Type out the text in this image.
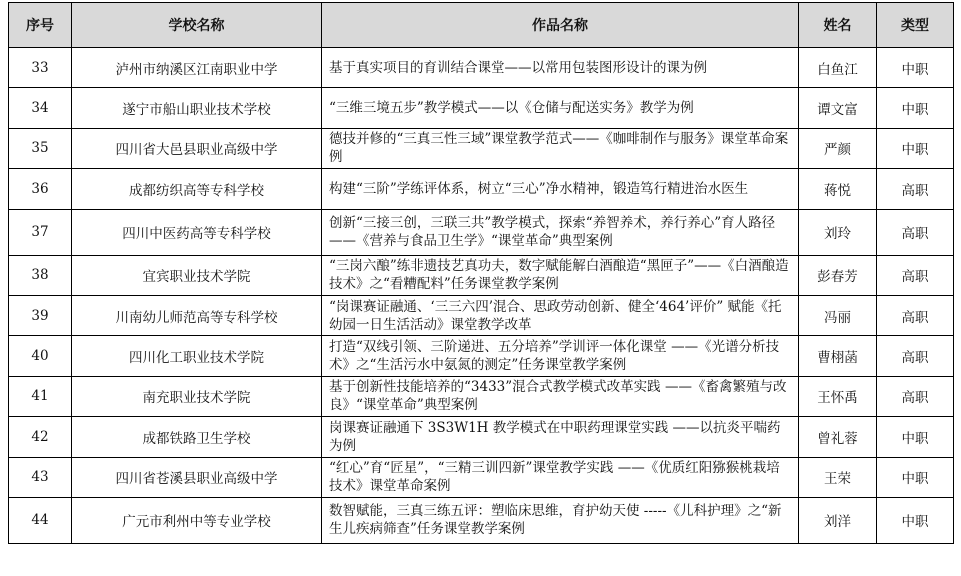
序号	学校名称	作品名称	姓名	类型
33	泸州市纳溪区江南职业中学	基于真实项目的育训结合课堂——以常用包装图形设计的课为例	白鱼江	中职
34	遂宁市船山职业技术学校	“三维三境五步”教学模式——以《仓储与配送实务》教学为例	谭文富	中职
35	四川省大邑县职业高级中学	德技并修的“三真三性三域”课堂教学范式——《咖啡制作与服务》课堂革命案例	严颜	中职
36	成都纺织高等专科学校	构建“三阶”学练评体系，树立“三心”净水精神，锻造笃行精进治水医生	蒋悦	高职
37	四川中医药高等专科学校	创新“三接三创，三联三共”教学模式，探索“养智养术，养行养心”育人路径 ——《营养与食品卫生学》“课堂革命”典型案例	刘玲	高职
38	宜宾职业技术学院	“三岗六酿”练非遗技艺真功夫，数字赋能解白酒酿造“黑匣子”——《白酒酿造技术》之“看糟配料”任务课堂教学案例	彭春芳	高职
39	川南幼儿师范高等专科学校	“岗课赛证融通、‘三三六四’混合、思政劳动创新、健全‘464’评价” 赋能《托幼园一日生活活动》课堂教学改革	冯丽	高职
40	四川化工职业技术学院	打造“双线引领、三阶递进、五分培养”学训评一体化课堂 ——《光谱分析技术》之“生活污水中氨氮的测定”任务课堂教学案例	曹栩菡	高职
41	南充职业技术学院	基于创新性技能培养的“3433”混合式教学模式改革实践 ——《畜禽繁殖与改良》“课堂革命”典型案例	王怀禹	高职
42	成都铁路卫生学校	岗课赛证融通下 3S3W1H 教学模式在中职药理课堂实践 ——以抗炎平喘药为例	曾礼蓉	中职
43	四川省苍溪县职业高级中学	“红心”育“匠星”，“三精三训四新”课堂教学实践 ——《优质红阳猕猴桃栽培技术》课堂革命案例	王荣	中职
44	广元市利州中等专业学校	数智赋能，三真三练五评：塑临床思维，育护幼天使 -----《儿科护理》之“新生儿疾病筛查”任务课堂教学案例	刘洋	中职
